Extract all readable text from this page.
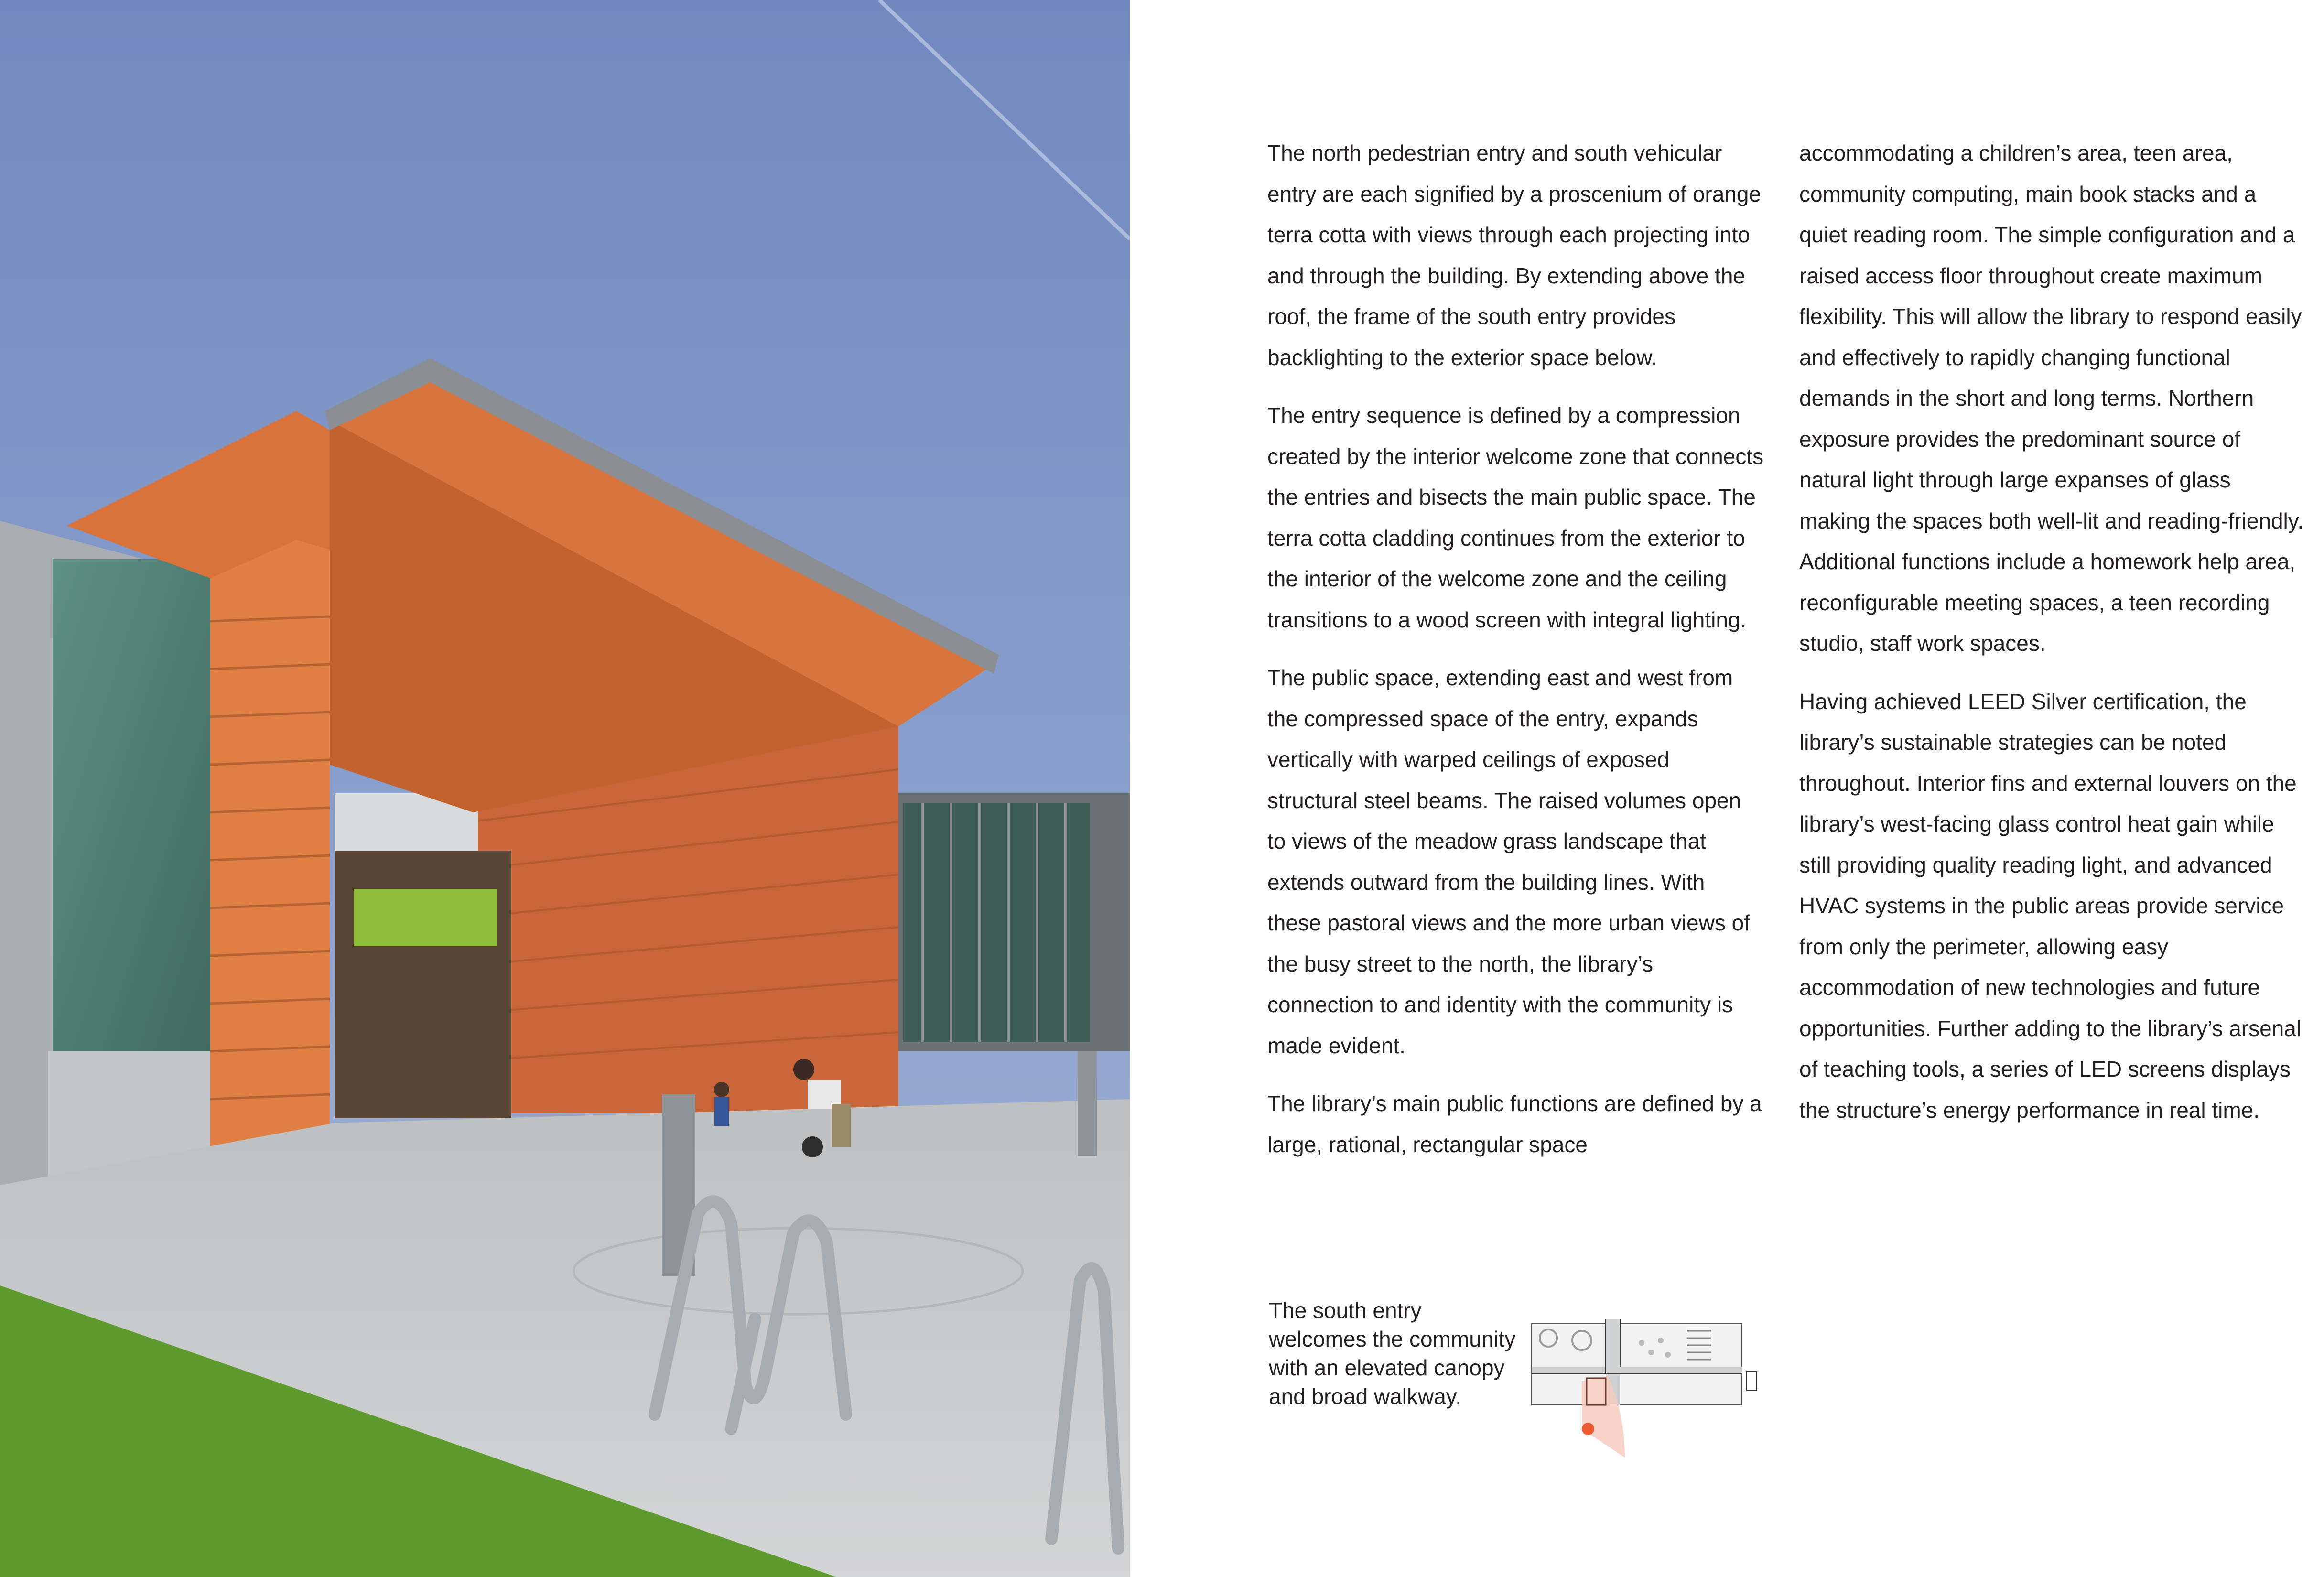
The north pedestrian entry and south vehicular entry are each signified by a proscenium of orange terra cotta with views through each projecting into and through the building. By extending above the roof, the frame of the south entry provides backlighting to the exterior space below.

The entry sequence is defined by a compression created by the interior welcome zone that connects the entries and bisects the main public space. The terra cotta cladding continues from the exterior to the interior of the welcome zone and the ceiling transitions to a wood screen with integral lighting.

The public space, extending east and west from the compressed space of the entry, expands vertically with warped ceilings of exposed structural steel beams. The raised volumes open to views of the meadow grass landscape that extends outward from the building lines. With these pastoral views and the more urban views of the busy street to the north, the library’s connection to and identity with the community is made evident.

The library’s main public functions are defined by a large, rational, rectangular space

accommodating a children’s area, teen area, community computing, main book stacks and a quiet reading room. The simple configuration and a raised access floor throughout create maximum flexibility. This will allow the library to respond easily and effectively to rapidly changing functional demands in the short and long terms. Northern exposure provides the predominant source of natural light through large expanses of glass making the spaces both well-lit and reading-friendly. Additional functions include a homework help area, reconfigurable meeting spaces, a teen recording studio, staff work spaces.

Having achieved LEED Silver certification, the library’s sustainable strategies can be noted throughout. Interior fins and external louvers on the library’s west-facing glass control heat gain while still providing quality reading light, and advanced HVAC systems in the public areas provide service from only the perimeter, allowing easy accommodation of new technologies and future opportunities. Further adding to the library’s arsenal of teaching tools, a series of LED screens displays the structure’s energy performance in real time.

The south entry welcomes the community with an elevated canopy and broad walkway.
